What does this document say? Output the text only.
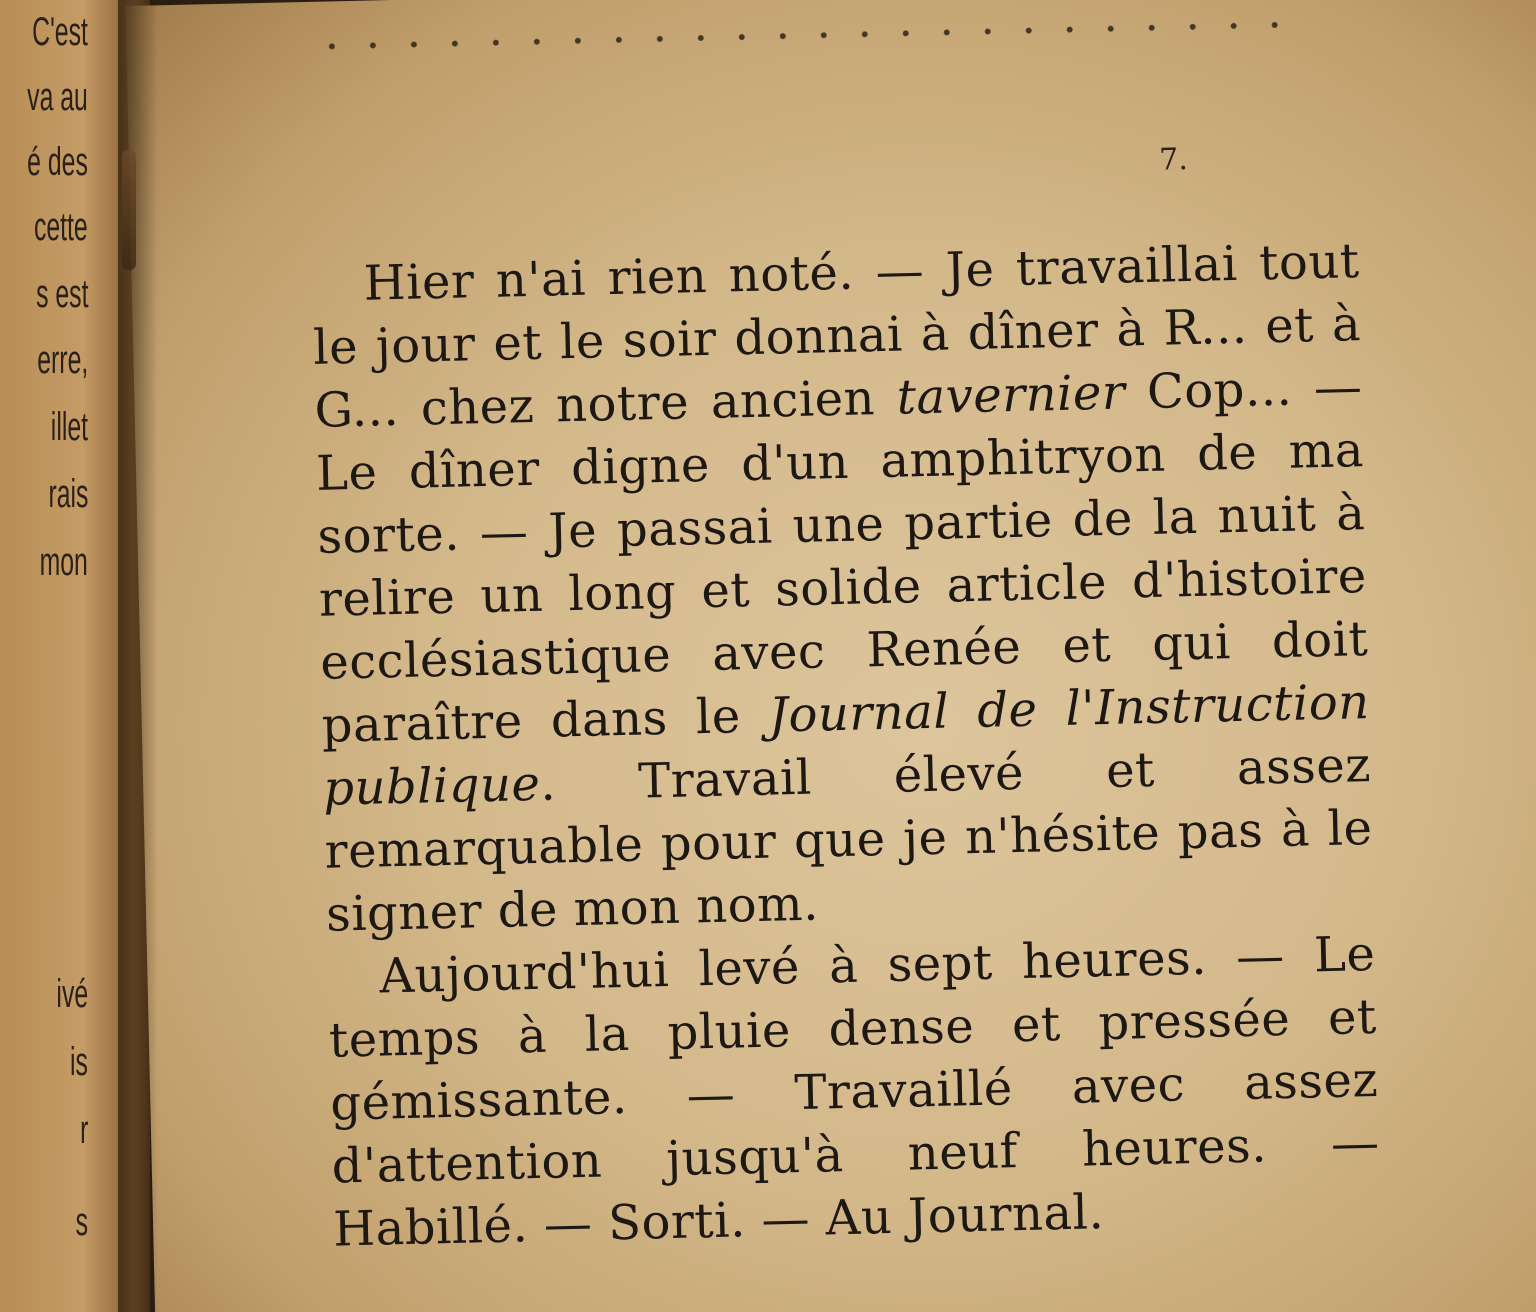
C'est
va au
é des
cette
s est
erre,
illet
rais
mon
ivé
is
r
s
7.

Hier n'ai rien noté. — Je travaillai tout le jour et le soir donnai à dîner à R... et à G... chez notre ancien tavernier Cop... — Le dîner digne d'un amphitryon de ma sorte. — Je passai une partie de la nuit à relire un long et solide article d'histoire ecclésiastique avec Renée et qui doit paraître dans le Journal de l'Instruction publique. Travail élevé et assez remarquable pour que je n'hésite pas à le signer de mon nom.

Aujourd'hui levé à sept heures. — Le temps à la pluie dense et pressée et gémissante. — Travaillé avec assez d'attention jusqu'à neuf heures. — Habillé. — Sorti. — Au Journal.
